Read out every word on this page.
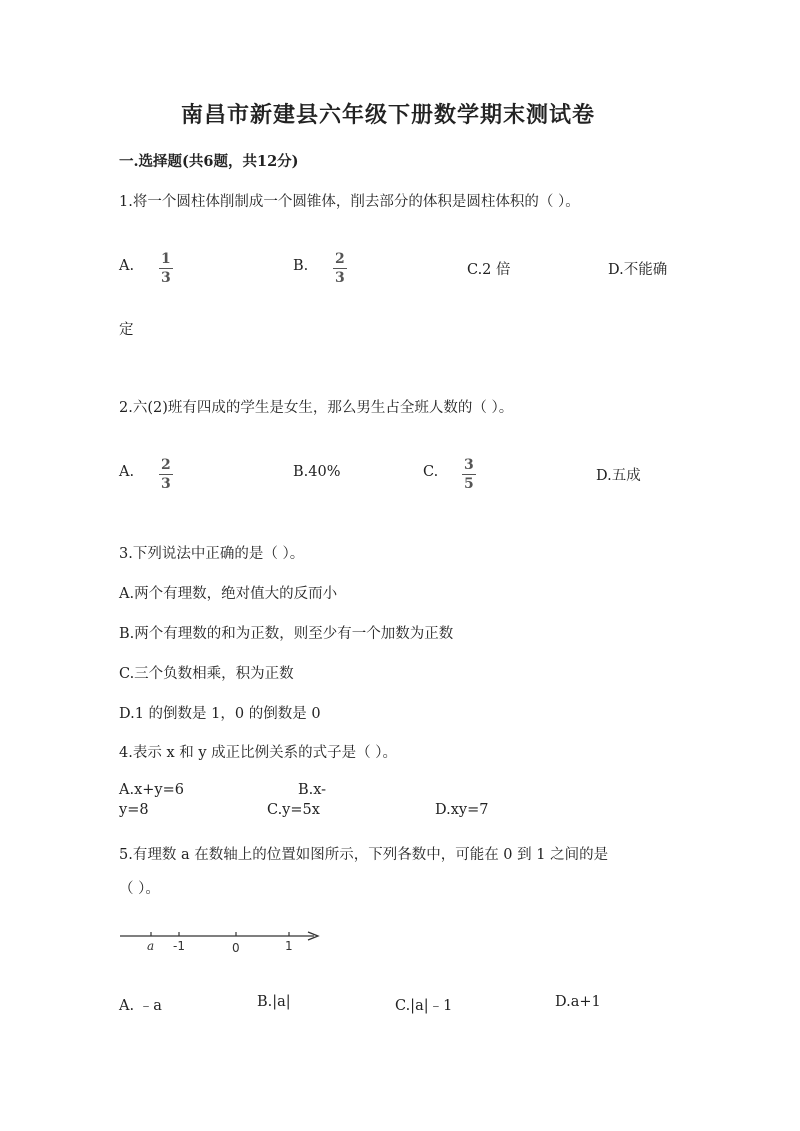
南昌市新建县六年级下册数学期末测试卷
一.选择题(共6题，共12分)
1.将一个圆柱体削制成一个圆锥体，削去部分的体积是圆柱体积的（ ）。
A. 1
3
B. 2
3	C.2 倍	D.不能确
定
2.六(2)班有四成的学生是女生，那么男生占全班人数的（ ）。
A. 2
3
B.40%	C. 3
5	D.五成
3.下列说法中正确的是（ ）。
A.两个有理数，绝对值大的反而小
B.两个有理数的和为正数，则至少有一个加数为正数
C.三个负数相乘，积为正数
D.1 的倒数是 1，0 的倒数是 0
4.表示 x 和 y 成正比例关系的式子是（ ）。
A.x+y=6	B.x-
y=8	C.y=5x	D.xy=7
5.有理数 a 在数轴上的位置如图所示，下列各数中，可能在 0 到 1 之间的是
（ ）。
a -1	0	1
A. ﹣a	B.|a|	C.|a|﹣1	D.a+1
